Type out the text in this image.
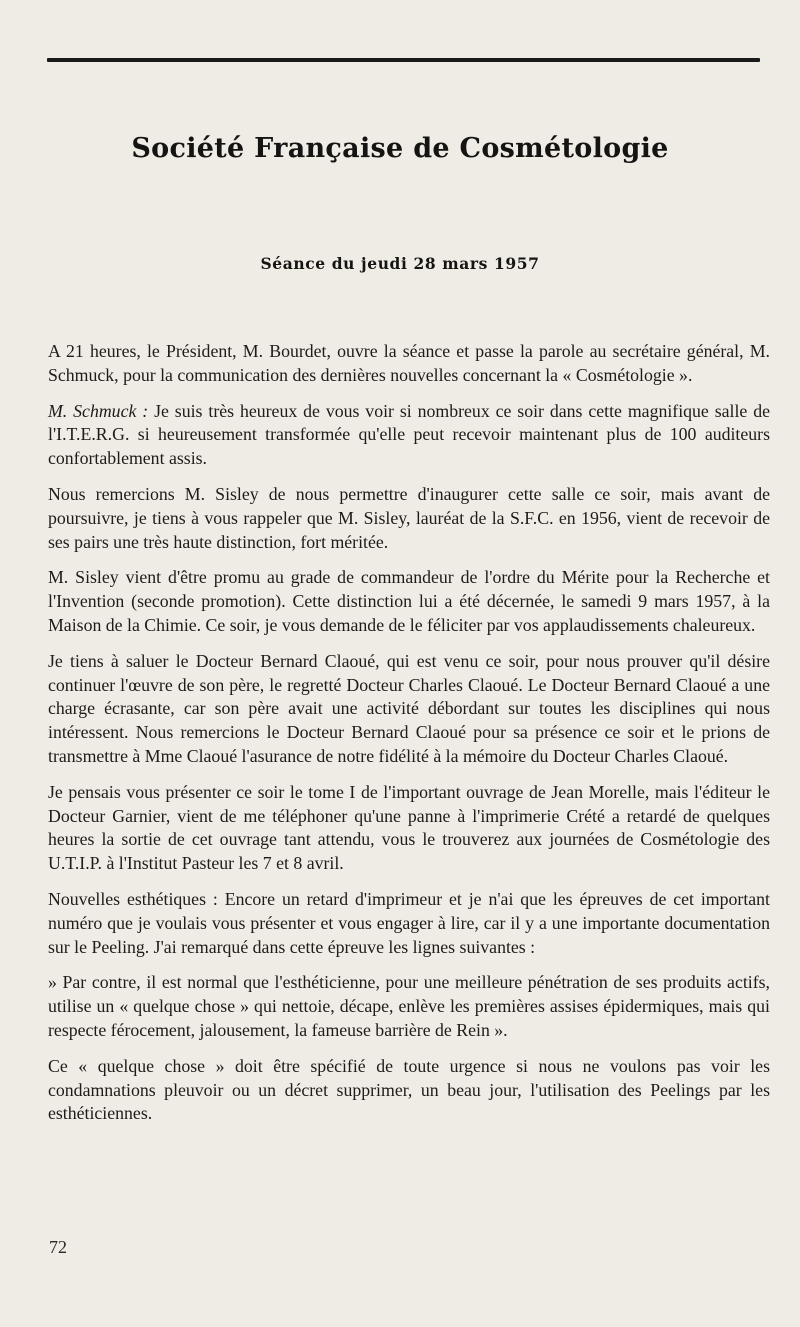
Société Française de Cosmétologie
Séance du jeudi 28 mars 1957

A 21 heures, le Président, M. Bourdet, ouvre la séance et passe la parole au secrétaire général, M. Schmuck, pour la communication des dernières nouvelles concernant la « Cosmétologie ».

M. Schmuck : Je suis très heureux de vous voir si nombreux ce soir dans cette magnifique salle de l'I.T.E.R.G. si heureusement transformée qu'elle peut recevoir maintenant plus de 100 auditeurs confortablement assis.

Nous remercions M. Sisley de nous permettre d'inaugurer cette salle ce soir, mais avant de poursuivre, je tiens à vous rappeler que M. Sisley, lauréat de la S.F.C. en 1956, vient de recevoir de ses pairs une très haute distinction, fort méritée.

M. Sisley vient d'être promu au grade de commandeur de l'ordre du Mérite pour la Recherche et l'Invention (seconde promotion). Cette distinction lui a été décernée, le samedi 9 mars 1957, à la Maison de la Chimie. Ce soir, je vous demande de le féliciter par vos applaudissements chaleureux.

Je tiens à saluer le Docteur Bernard Claoué, qui est venu ce soir, pour nous prouver qu'il désire continuer l'œuvre de son père, le regretté Docteur Charles Claoué. Le Docteur Bernard Claoué a une charge écrasante, car son père avait une activité débordant sur toutes les disciplines qui nous intéressent. Nous remercions le Docteur Bernard Claoué pour sa présence ce soir et le prions de transmettre à Mme Claoué l'asurance de notre fidélité à la mémoire du Docteur Charles Claoué.

Je pensais vous présenter ce soir le tome I de l'important ouvrage de Jean Morelle, mais l'éditeur le Docteur Garnier, vient de me téléphoner qu'une panne à l'imprimerie Crété a retardé de quelques heures la sortie de cet ouvrage tant attendu, vous le trouverez aux journées de Cosmétologie des U.T.I.P. à l'Institut Pasteur les 7 et 8 avril.

Nouvelles esthétiques : Encore un retard d'imprimeur et je n'ai que les épreuves de cet important numéro que je voulais vous présenter et vous engager à lire, car il y a une importante documentation sur le Peeling. J'ai remarqué dans cette épreuve les lignes suivantes :

» Par contre, il est normal que l'esthéticienne, pour une meilleure pénétration de ses produits actifs, utilise un « quelque chose » qui nettoie, décape, enlève les premières assises épidermiques, mais qui respecte férocement, jalousement, la fameuse barrière de Rein ».

Ce « quelque chose » doit être spécifié de toute urgence si nous ne voulons pas voir les condamnations pleuvoir ou un décret supprimer, un beau jour, l'utilisation des Peelings par les esthéticiennes.

72
